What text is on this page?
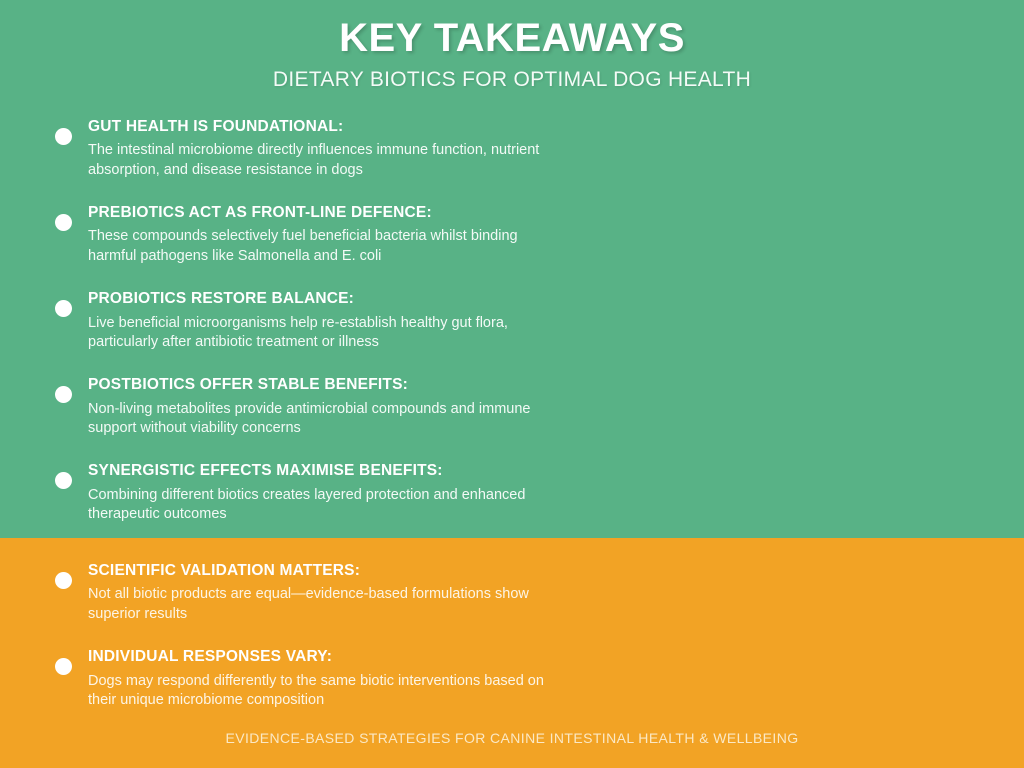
KEY TAKEAWAYS
DIETARY BIOTICS FOR OPTIMAL DOG HEALTH
GUT HEALTH IS FOUNDATIONAL:
The intestinal microbiome directly influences immune function, nutrient absorption, and disease resistance in dogs
PREBIOTICS ACT AS FRONT-LINE DEFENCE:
These compounds selectively fuel beneficial bacteria whilst binding harmful pathogens like Salmonella and E. coli
PROBIOTICS RESTORE BALANCE:
Live beneficial microorganisms help re-establish healthy gut flora, particularly after antibiotic treatment or illness
POSTBIOTICS OFFER STABLE BENEFITS:
Non-living metabolites provide antimicrobial compounds and immune support without viability concerns
SYNERGISTIC EFFECTS MAXIMISE BENEFITS:
Combining different biotics creates layered protection and enhanced therapeutic outcomes
SCIENTIFIC VALIDATION MATTERS:
Not all biotic products are equal—evidence-based formulations show superior results
INDIVIDUAL RESPONSES VARY:
Dogs may respond differently to the same biotic interventions based on their unique microbiome composition
EVIDENCE-BASED STRATEGIES FOR CANINE INTESTINAL HEALTH & WELLBEING
